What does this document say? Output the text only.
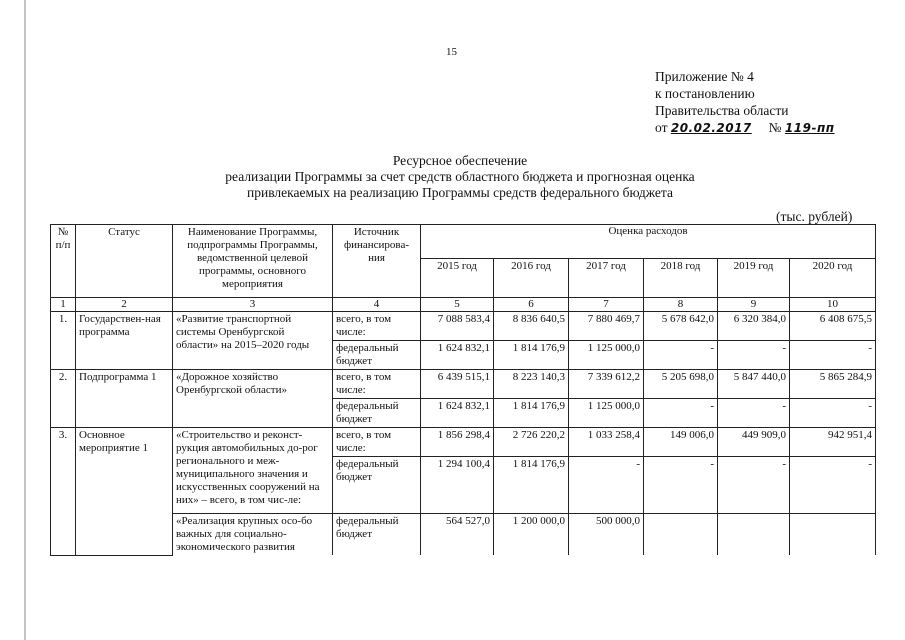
15
Приложение № 4
к постановлению
Правительства области
от 20.02.2017 № 119-пп
Ресурсное обеспечение
реализации Программы за счет средств областного бюджета и прогнозная оценка
привлекаемых на реализацию Программы средств федерального бюджета
(тыс. рублей)
№ п/п	Статус	Наименование Программы, подпрограммы Программы, ведомственной целевой программы, основного мероприятия	Источник финансирова-ния	Оценка расходов					
				2015 год	2016 год	2017 год	2018 год	2019 год	2020 год
1	2	3	4	5	6	7	8	9	10
1.	Государствен-ная программа	«Развитие транспортной системы Оренбургской области» на 2015–2020 годы	всего, в том числе:	7 088 583,4	8 836 640,5	7 880 469,7	5 678 642,0	6 320 384,0	6 408 675,5
			федеральный бюджет	1 624 832,1	1 814 176,9	1 125 000,0	-	-	-
2.	Подпрограмма 1	«Дорожное хозяйство Оренбургской области»	всего, в том числе:	6 439 515,1	8 223 140,3	7 339 612,2	5 205 698,0	5 847 440,0	5 865 284,9
			федеральный бюджет	1 624 832,1	1 814 176,9	1 125 000,0	-	-	-
3.	Основное мероприятие 1	«Строительство и реконст-рукция автомобильных до-рог регионального и меж-муниципального значения и искусственных сооружений на них» – всего, в том чис-ле:	всего, в том числе:	1 856 298,4	2 726 220,2	1 033 258,4	149 006,0	449 909,0	942 951,4
			федеральный бюджет	1 294 100,4	1 814 176,9	-	-	-	-
		«Реализация крупных осо-бо важных для социально-экономического развития	федеральный бюджет	564 527,0	1 200 000,0	500 000,0			
